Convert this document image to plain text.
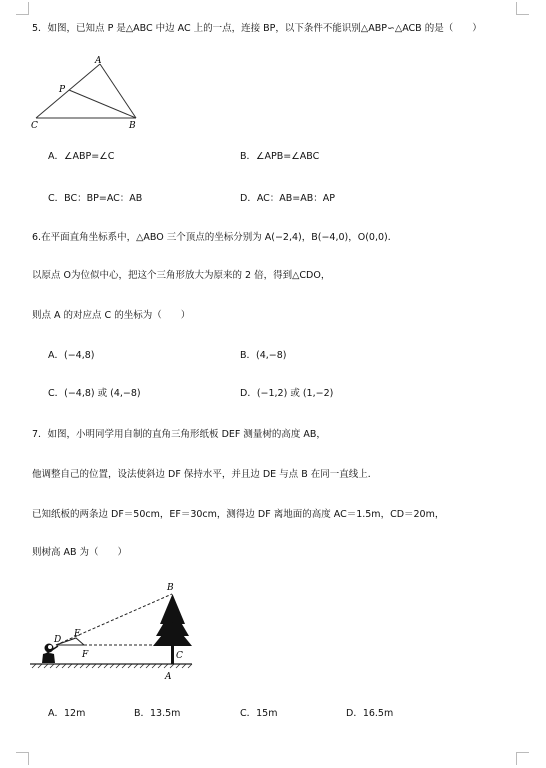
5．如图，已知点 P 是△ABC 中边 AC 上的一点，连接 BP，以下条件不能识别△ABP∽△ACB 的是（　　）
A
P
C	B
A．∠ABP=∠C	B．∠APB=∠ABC
C．BC：BP=AC：AB	D．AC：AB=AB：AP
6.在平面直角坐标系中，△ABO 三个顶点的坐标分别为 A(−2,4)，B(−4,0)，O(0,0)．
以原点 O为位似中心，把这个三角形放大为原来的 2 倍，得到△CDO，
则点 A 的对应点 C 的坐标为（　　）
A．(−4,8)	B．(4,−8)
C．(−4,8) 或 (4,−8)	D．(−1,2) 或 (1,−2)
7．如图，小明同学用自制的直角三角形纸板 DEF 测量树的高度 AB，
他调整自己的位置，设法使斜边 DF 保持水平，并且边 DE 与点 B 在同一直线上．
已知纸板的两条边 DF＝50cm，EF＝30cm，测得边 DF 离地面的高度 AC＝1.5m，CD＝20m，
则树高 AB 为（　　）
B
D
E
F	C
A
A．12m	B．13.5m	C．15m	D．16.5m
